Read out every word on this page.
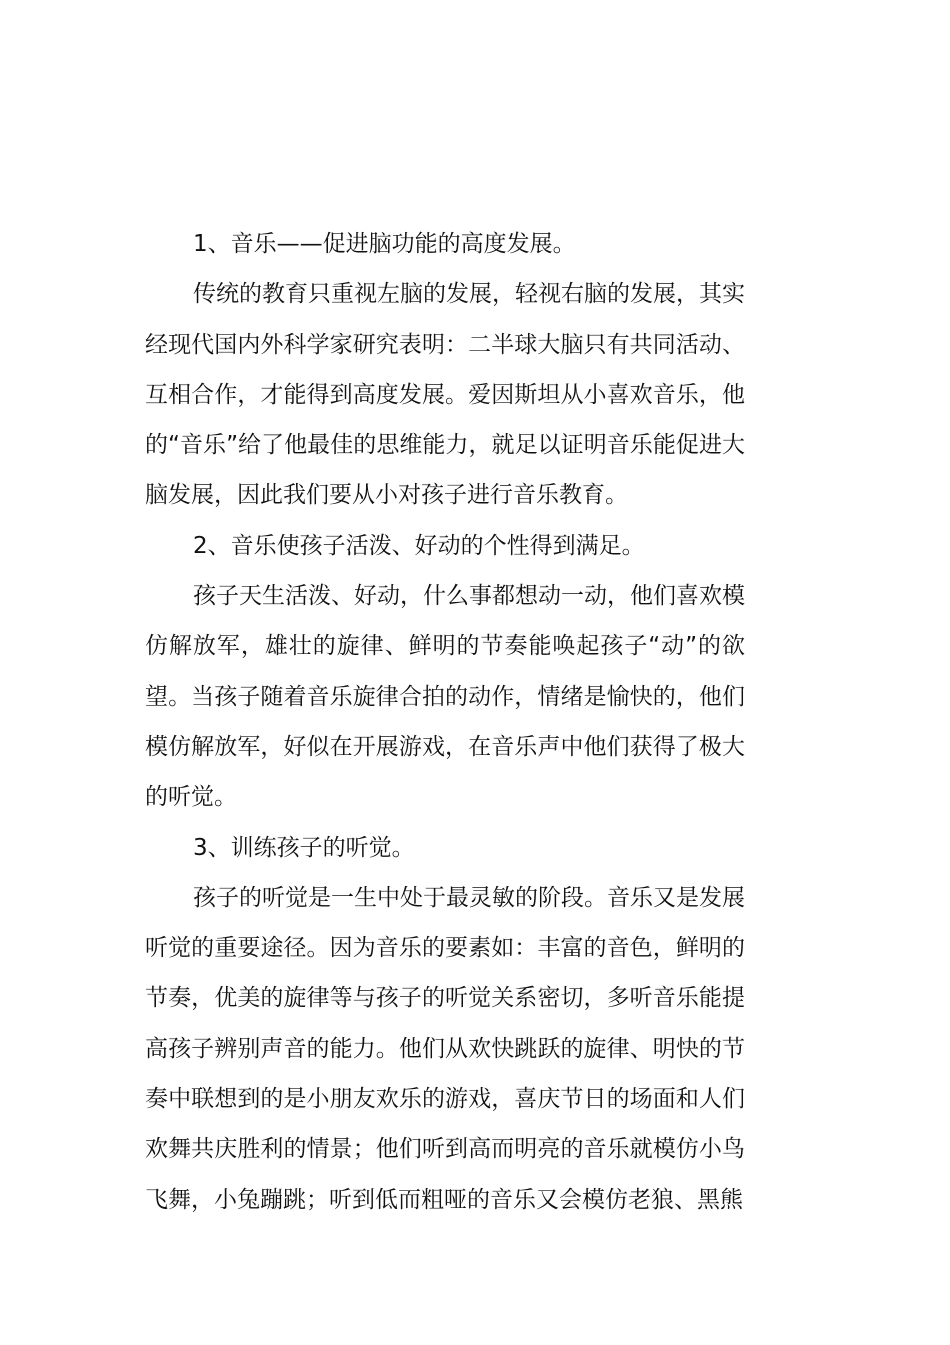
1、音乐——促进脑功能的高度发展。

传统的教育只重视左脑的发展，轻视右脑的发展，其实经现代国内外科学家研究表明：二半球大脑只有共同活动、互相合作，才能得到高度发展。爱因斯坦从小喜欢音乐，他的“音乐”给了他最佳的思维能力，就足以证明音乐能促进大脑发展，因此我们要从小对孩子进行音乐教育。

2、音乐使孩子活泼、好动的个性得到满足。

孩子天生活泼、好动，什么事都想动一动，他们喜欢模仿解放军，雄壮的旋律、鲜明的节奏能唤起孩子“动”的欲望。当孩子随着音乐旋律合拍的动作，情绪是愉快的，他们模仿解放军，好似在开展游戏，在音乐声中他们获得了极大的听觉。

3、训练孩子的听觉。

孩子的听觉是一生中处于最灵敏的阶段。音乐又是发展听觉的重要途径。因为音乐的要素如：丰富的音色，鲜明的节奏，优美的旋律等与孩子的听觉关系密切，多听音乐能提高孩子辨别声音的能力。他们从欢快跳跃的旋律、明快的节奏中联想到的是小朋友欢乐的游戏，喜庆节日的场面和人们欢舞共庆胜利的情景；他们听到高而明亮的音乐就模仿小鸟飞舞，小兔蹦跳；听到低而粗哑的音乐又会模仿老狼、黑熊
